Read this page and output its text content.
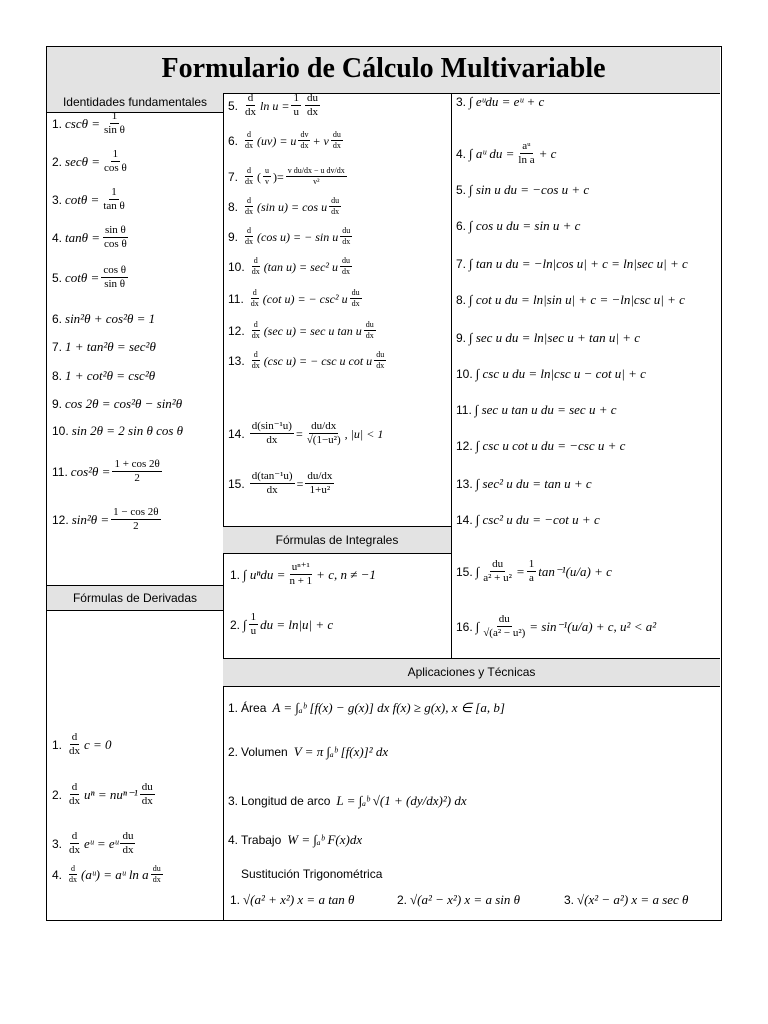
Formulario de Cálculo Multivariable
Identidades fundamentales
Fórmulas de Derivadas
Fórmulas de Integrales
Aplicaciones y Técnicas
1. $\csc\theta = \frac{1}{\text{sin θ}}$
2. $\sec\theta = \frac{1}{\text{cos θ}}$
3. $\cot\theta = \frac{1}{\text{tan θ}}$
4. $\tan\theta = \frac{\text{sin θ}}{\text{cos θ}}$
5. $\cot\theta = \frac{\text{cos θ}}{\text{sin θ}}$
6. sin²θ + cos²θ = 1
7. 1 + tan²θ = sec²θ
8. 1 + cot²θ = csc²θ
9. cos 2θ = cos²θ − sin²θ
10. sin 2θ = 2 sin θ cos θ
11. $\cos^2\theta = \frac{1 + \cos 2\theta}{2}$
12. $\sin^2\theta = \frac{1 - \cos 2\theta}{2}$
1. $\frac{d}{dx}$ c = 0
2. $\frac{d}{dx}$ $u^n = nu^{n-1} \frac{du}{dx}$
3. $\frac{d}{dx}$ eᵘ = eᵘ $\frac{du}{dx}$
4. $\frac{d}{dx}$ (aᵘ) = aᵘ ln a $\frac{du}{dx}$
5. $\frac{d}{dx}$ $\ln u = \frac{1}{u} \frac{du}{dx}$
6. $\frac{d}{dx} (uv) = u \frac{dv}{dx} + v \frac{du}{dx}$
7. $\frac{d}{dx}$ ( $\frac{u}{v}$ ) = $\frac{\text{v du/dx − u dv/dx}}{\text{v²}}$
8. $\frac{d}{dx} (\sin$ u) = cos u $\frac{du}{dx}$
9. $\frac{d}{dx} (\cos$ u) = − sin u $\frac{du}{dx}$
10. $\frac{d}{dx} (\tan$ u) = sec² u $\frac{du}{dx}$
11. $\frac{d}{dx} (\cot$ u) = − csc² u $\frac{du}{dx}$
12. $\frac{d}{dx} (\sec$ u) = sec u tan u $\frac{du}{dx}$
13. $\frac{d}{dx} (\csc$ u) = − csc u cot u $\frac{du}{dx}$
14. $\frac{\text{d(sin⁻¹u)}}{dx} = \frac{du/dx}{\text{√(1−u²)}}$ , |u| < 1
15. $\frac{\text{d(tan⁻¹u)}}{dx} = \frac{du/dx}{\text{1+u²}}$
1. ∫ $u^ndu = \frac{\text{uⁿ⁺¹}}{n + 1} + c$, n ≠ −1
2. ∫ $\frac{1}{u}$ du = ln|u| + c
3. ∫ eᵘdu = eᵘ + c
4. ∫ aᵘ du = $\frac{\text{aᵘ}}{\text{ln a}} + c$
5. ∫ sin u du = −cos u + c
6. ∫ cos u du = sin u + c
7. ∫ tan u du = −ln|cos u| + c = ln|sec u| + c
8. ∫ cot u du = ln|sin u| + c = −ln|csc u| + c
9. ∫ sec u du = ln|sec u + tan u| + c
10. ∫ csc u du = ln|csc u − cot u| + c
11. ∫ sec u tan u du = sec u + c
12. ∫ csc u cot u du = −csc u + c
13. ∫ sec² u du = tan u + c
14. ∫ csc² u du = −cot u + c
15. ∫ $\frac{du}{\text{a² + u²}} = \frac{1}{a} \tan^{-1}(u/a) + c$
16. ∫ $\frac{du}{\text{√(a² − u²)}} = \sin^{-1}(u/a) + c$, u² < a²
1. Área A = ∫ₐᵇ [f(x) − g(x)] dx f(x) ≥ g(x), x ∈ [a, b]
2. Volumen V = π ∫ₐᵇ [f(x)]² dx
3. Longitud de arco L = ∫ₐᵇ √(1 + (dy/dx)²) dx
4. Trabajo W = ∫ₐᵇ F(x)dx
Sustitución Trigonométrica
1. √(a² + x²) x = a tan θ	2. √(a² − x²) x = a sin θ	3. √(x² − a²) x = a sec θ
